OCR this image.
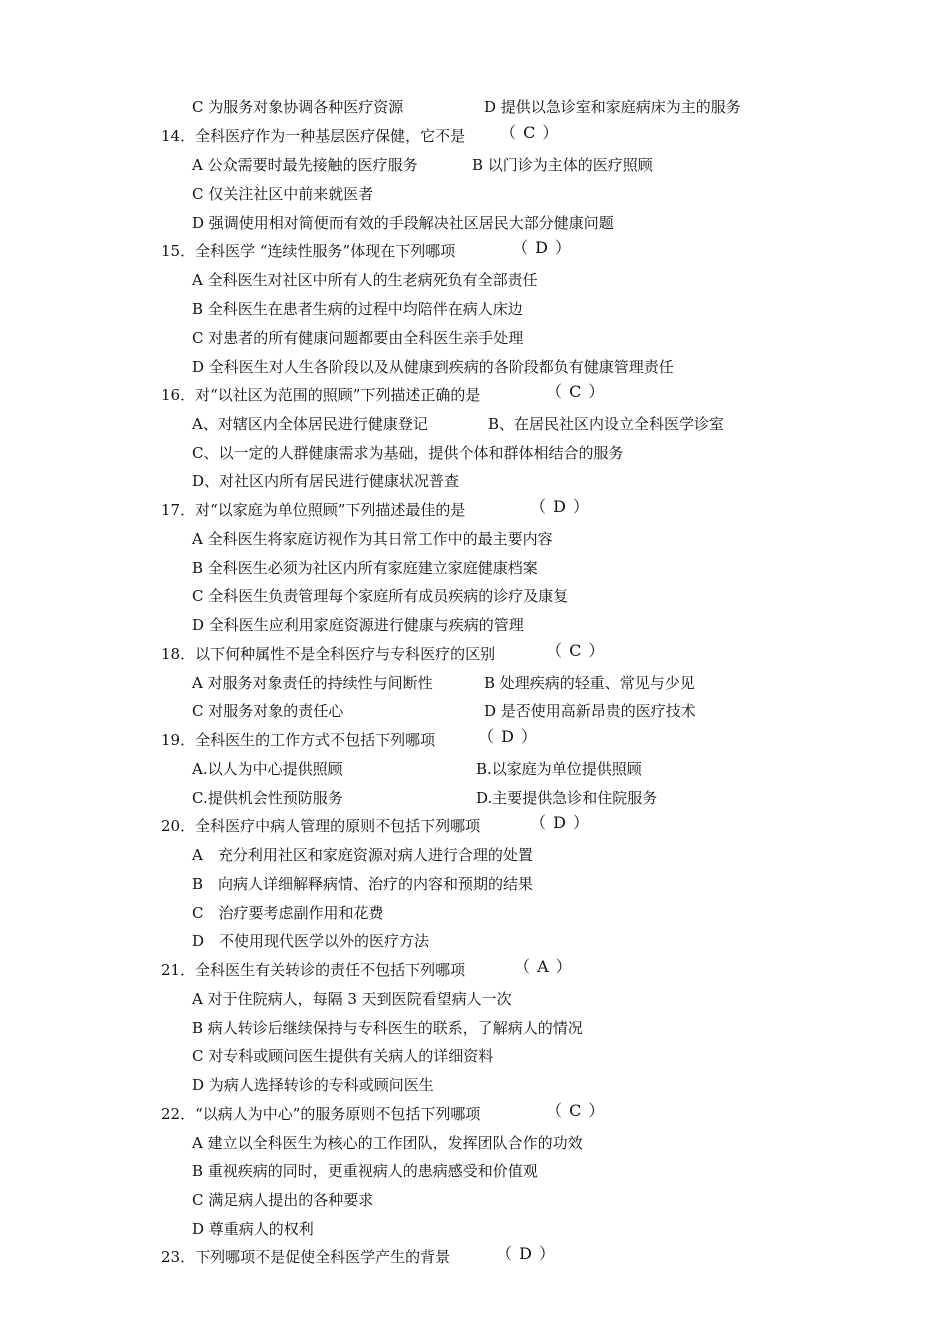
C 为服务对象协调各种医疗资源	D 提供以急诊室和家庭病床为主的服务
14．全科医疗作为一种基层医疗保健，它不是 （ C ）
A 公众需要时最先接触的医疗服务	B 以门诊为主体的医疗照顾
C 仅关注社区中前来就医者
D 强调使用相对简便而有效的手段解决社区居民大部分健康问题
15．全科医学 “连续性服务”体现在下列哪项	（ D ）
A 全科医生对社区中所有人的生老病死负有全部责任
B 全科医生在患者生病的过程中均陪伴在病人床边
C 对患者的所有健康问题都要由全科医生亲手处理
D 全科医生对人生各阶段以及从健康到疾病的各阶段都负有健康管理责任
16．对“以社区为范围的照顾”下列描述正确的是	（ C ）
A、对辖区内全体居民进行健康登记	B、在居民社区内设立全科医学诊室
C、以一定的人群健康需求为基础，提供个体和群体相结合的服务
D、对社区内所有居民进行健康状况普查
17．对“以家庭为单位照顾”下列描述最佳的是	（ D ）
A 全科医生将家庭访视作为其日常工作中的最主要内容
B 全科医生必须为社区内所有家庭建立家庭健康档案
C 全科医生负责管理每个家庭所有成员疾病的诊疗及康复
D 全科医生应利用家庭资源进行健康与疾病的管理
18．以下何种属性不是全科医疗与专科医疗的区别	（ C ）
A 对服务对象责任的持续性与间断性	B 处理疾病的轻重、常见与少见
C 对服务对象的责任心	D 是否使用高新昂贵的医疗技术
19．全科医生的工作方式不包括下列哪项	（ D ）
A.以人为中心提供照顾	B.以家庭为单位提供照顾
C.提供机会性预防服务	D.主要提供急诊和住院服务
20．全科医疗中病人管理的原则不包括下列哪项	（ D ）
A　充分利用社区和家庭资源对病人进行合理的处置
B　向病人详细解释病情、治疗的内容和预期的结果
C　治疗要考虑副作用和花费
D　不使用现代医学以外的医疗方法
21．全科医生有关转诊的责任不包括下列哪项	（ A ）
A 对于住院病人，每隔 3 天到医院看望病人一次
B 病人转诊后继续保持与专科医生的联系，了解病人的情况
C 对专科或顾问医生提供有关病人的详细资料
D 为病人选择转诊的专科或顾问医生
22．“以病人为中心”的服务原则不包括下列哪项	（ C ）
A 建立以全科医生为核心的工作团队，发挥团队合作的功效
B 重视疾病的同时，更重视病人的患病感受和价值观
C 满足病人提出的各种要求
D 尊重病人的权利
23．下列哪项不是促使全科医学产生的背景	（ D ）
